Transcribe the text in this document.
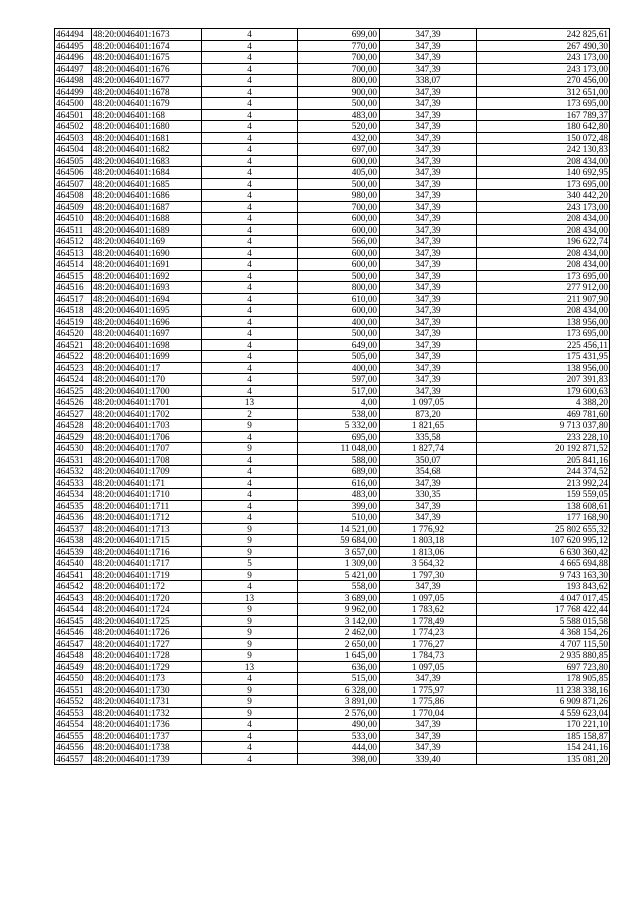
464494	48:20:0046401:1673	4	699,00	347,39	242 825,61
464495	48:20:0046401:1674	4	770,00	347,39	267 490,30
464496	48:20:0046401:1675	4	700,00	347,39	243 173,00
464497	48:20:0046401:1676	4	700,00	347,39	243 173,00
464498	48:20:0046401:1677	4	800,00	338,07	270 456,00
464499	48:20:0046401:1678	4	900,00	347,39	312 651,00
464500	48:20:0046401:1679	4	500,00	347,39	173 695,00
464501	48:20:0046401:168	4	483,00	347,39	167 789,37
464502	48:20:0046401:1680	4	520,00	347,39	180 642,80
464503	48:20:0046401:1681	4	432,00	347,39	150 072,48
464504	48:20:0046401:1682	4	697,00	347,39	242 130,83
464505	48:20:0046401:1683	4	600,00	347,39	208 434,00
464506	48:20:0046401:1684	4	405,00	347,39	140 692,95
464507	48:20:0046401:1685	4	500,00	347,39	173 695,00
464508	48:20:0046401:1686	4	980,00	347,39	340 442,20
464509	48:20:0046401:1687	4	700,00	347,39	243 173,00
464510	48:20:0046401:1688	4	600,00	347,39	208 434,00
464511	48:20:0046401:1689	4	600,00	347,39	208 434,00
464512	48:20:0046401:169	4	566,00	347,39	196 622,74
464513	48:20:0046401:1690	4	600,00	347,39	208 434,00
464514	48:20:0046401:1691	4	600,00	347,39	208 434,00
464515	48:20:0046401:1692	4	500,00	347,39	173 695,00
464516	48:20:0046401:1693	4	800,00	347,39	277 912,00
464517	48:20:0046401:1694	4	610,00	347,39	211 907,90
464518	48:20:0046401:1695	4	600,00	347,39	208 434,00
464519	48:20:0046401:1696	4	400,00	347,39	138 956,00
464520	48:20:0046401:1697	4	500,00	347,39	173 695,00
464521	48:20:0046401:1698	4	649,00	347,39	225 456,11
464522	48:20:0046401:1699	4	505,00	347,39	175 431,95
464523	48:20:0046401:17	4	400,00	347,39	138 956,00
464524	48:20:0046401:170	4	597,00	347,39	207 391,83
464525	48:20:0046401:1700	4	517,00	347,39	179 600,63
464526	48:20:0046401:1701	13	4,00	1 097,05	4 388,20
464527	48:20:0046401:1702	2	538,00	873,20	469 781,60
464528	48:20:0046401:1703	9	5 332,00	1 821,65	9 713 037,80
464529	48:20:0046401:1706	4	695,00	335,58	233 228,10
464530	48:20:0046401:1707	9	11 048,00	1 827,74	20 192 871,52
464531	48:20:0046401:1708	4	588,00	350,07	205 841,16
464532	48:20:0046401:1709	4	689,00	354,68	244 374,52
464533	48:20:0046401:171	4	616,00	347,39	213 992,24
464534	48:20:0046401:1710	4	483,00	330,35	159 559,05
464535	48:20:0046401:1711	4	399,00	347,39	138 608,61
464536	48:20:0046401:1712	4	510,00	347,39	177 168,90
464537	48:20:0046401:1713	9	14 521,00	1 776,92	25 802 655,32
464538	48:20:0046401:1715	9	59 684,00	1 803,18	107 620 995,12
464539	48:20:0046401:1716	9	3 657,00	1 813,06	6 630 360,42
464540	48:20:0046401:1717	5	1 309,00	3 564,32	4 665 694,88
464541	48:20:0046401:1719	9	5 421,00	1 797,30	9 743 163,30
464542	48:20:0046401:172	4	558,00	347,39	193 843,62
464543	48:20:0046401:1720	13	3 689,00	1 097,05	4 047 017,45
464544	48:20:0046401:1724	9	9 962,00	1 783,62	17 768 422,44
464545	48:20:0046401:1725	9	3 142,00	1 778,49	5 588 015,58
464546	48:20:0046401:1726	9	2 462,00	1 774,23	4 368 154,26
464547	48:20:0046401:1727	9	2 650,00	1 776,27	4 707 115,50
464548	48:20:0046401:1728	9	1 645,00	1 784,73	2 935 880,85
464549	48:20:0046401:1729	13	636,00	1 097,05	697 723,80
464550	48:20:0046401:173	4	515,00	347,39	178 905,85
464551	48:20:0046401:1730	9	6 328,00	1 775,97	11 238 338,16
464552	48:20:0046401:1731	9	3 891,00	1 775,86	6 909 871,26
464553	48:20:0046401:1732	9	2 576,00	1 770,04	4 559 623,04
464554	48:20:0046401:1736	4	490,00	347,39	170 221,10
464555	48:20:0046401:1737	4	533,00	347,39	185 158,87
464556	48:20:0046401:1738	4	444,00	347,39	154 241,16
464557	48:20:0046401:1739	4	398,00	339,40	135 081,20
